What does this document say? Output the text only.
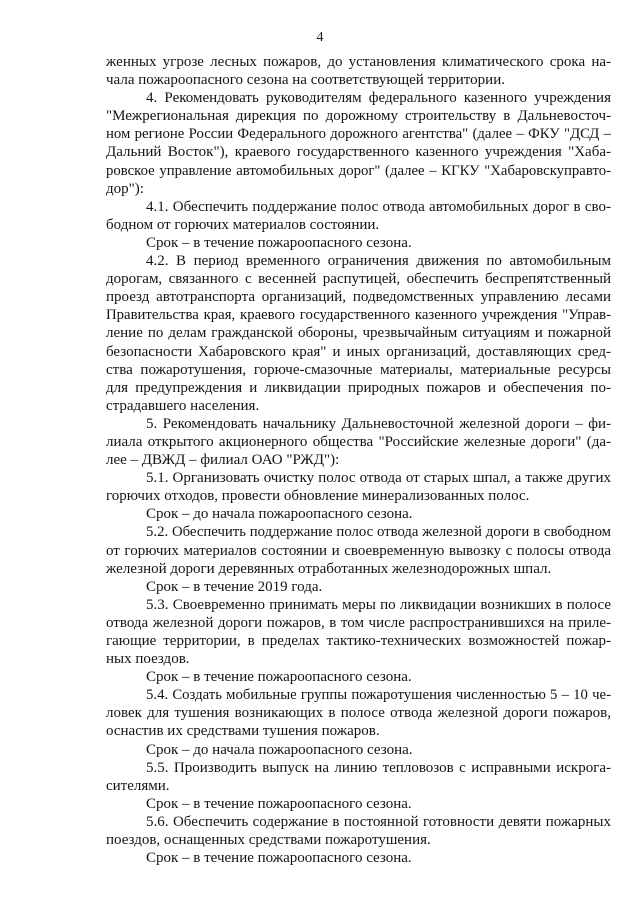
4
женных угрозе лесных пожаров, до установления климатического срока на-
чала пожароопасного сезона на соответствующей территории.
4. Рекомендовать руководителям федерального казенного учреждения
"Межрегиональная дирекция по дорожному строительству в Дальневосточ-
ном регионе России Федерального дорожного агентства" (далее – ФКУ "ДСД –
Дальний Восток"), краевого государственного казенного учреждения "Хаба-
ровское управление автомобильных дорог" (далее – КГКУ "Хабаровскуправто-
дор"):
4.1. Обеспечить поддержание полос отвода автомобильных дорог в сво-
бодном от горючих материалов состоянии.
Срок – в течение пожароопасного сезона.
4.2. В период временного ограничения движения по автомобильным
дорогам, связанного с весенней распутицей, обеспечить беспрепятственный
проезд автотранспорта организаций, подведомственных управлению лесами
Правительства края, краевого государственного казенного учреждения "Управ-
ление по делам гражданской обороны, чрезвычайным ситуациям и пожарной
безопасности Хабаровского края" и иных организаций, доставляющих сред-
ства пожаротушения, горюче-смазочные материалы, материальные ресурсы
для предупреждения и ликвидации природных пожаров и обеспечения по-
страдавшего населения.
5. Рекомендовать начальнику Дальневосточной железной дороги – фи-
лиала открытого акционерного общества "Российские железные дороги" (да-
лее – ДВЖД – филиал ОАО "РЖД"):
5.1. Организовать очистку полос отвода от старых шпал, а также других
горючих отходов, провести обновление минерализованных полос.
Срок – до начала пожароопасного сезона.
5.2. Обеспечить поддержание полос отвода железной дороги в свободном
от горючих материалов состоянии и своевременную вывозку с полосы отвода
железной дороги деревянных отработанных железнодорожных шпал.
Срок – в течение 2019 года.
5.3. Своевременно принимать меры по ликвидации возникших в полосе
отвода железной дороги пожаров, в том числе распространившихся на приле-
гающие территории, в пределах тактико-технических возможностей пожар-
ных поездов.
Срок – в течение пожароопасного сезона.
5.4. Создать мобильные группы пожаротушения численностью 5 – 10 че-
ловек для тушения возникающих в полосе отвода железной дороги пожаров,
оснастив их средствами тушения пожаров.
Срок – до начала пожароопасного сезона.
5.5. Производить выпуск на линию тепловозов с исправными искрога-
сителями.
Срок – в течение пожароопасного сезона.
5.6. Обеспечить содержание в постоянной готовности девяти пожарных
поездов, оснащенных средствами пожаротушения.
Срок – в течение пожароопасного сезона.
